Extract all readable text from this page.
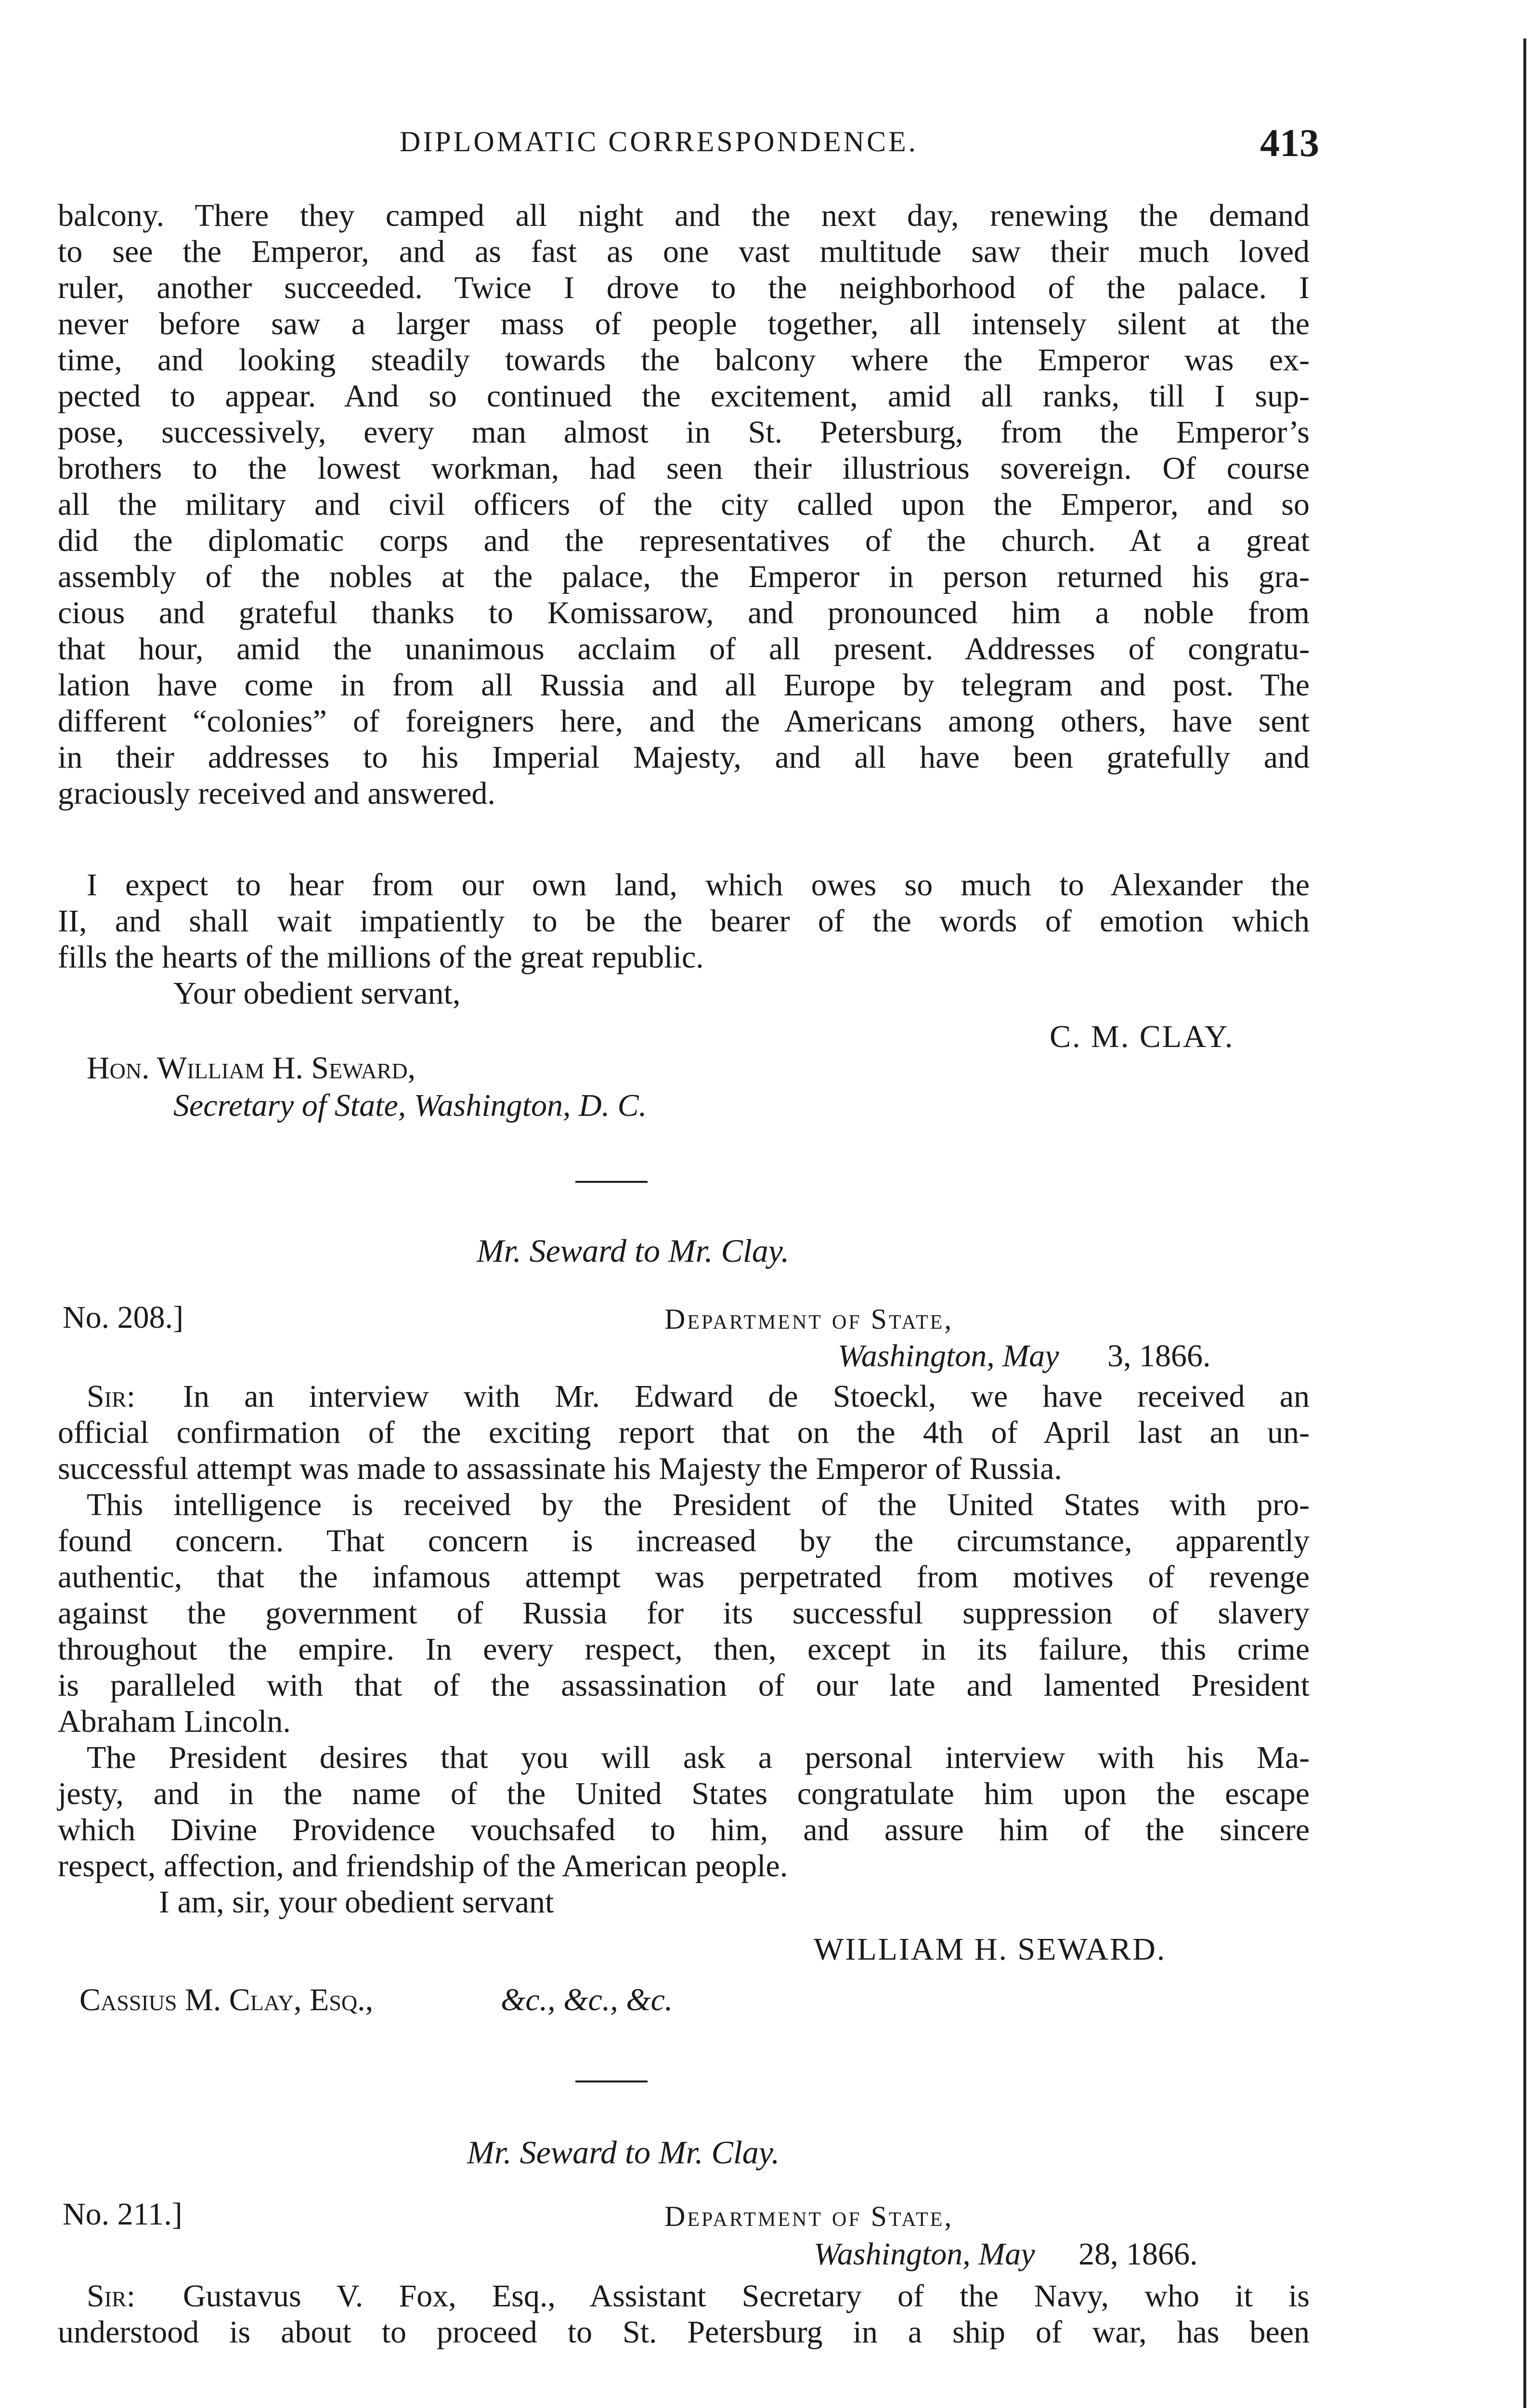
DIPLOMATIC CORRESPONDENCE.	413

balcony. There they camped all night and the next day, renewing the demand

to see the Emperor, and as fast as one vast multitude saw their much loved

ruler, another succeeded. Twice I drove to the neighborhood of the palace. I

never before saw a larger mass of people together, all intensely silent at the

time, and looking steadily towards the balcony where the Emperor was ex-

pected to appear. And so continued the excitement, amid all ranks, till I sup-

pose, successively, every man almost in St. Petersburg, from the Emperor’s

brothers to the lowest workman, had seen their illustrious sovereign. Of course

all the military and civil officers of the city called upon the Emperor, and so

did the diplomatic corps and the representatives of the church. At a great

assembly of the nobles at the palace, the Emperor in person returned his gra-

cious and grateful thanks to Komissarow, and pronounced him a noble from

that hour, amid the unanimous acclaim of all present. Addresses of congratu-

lation have come in from all Russia and all Europe by telegram and post. The

different “colonies” of foreigners here, and the Americans among others, have sent

in their addresses to his Imperial Majesty, and all have been gratefully and

graciously received and answered.

I expect to hear from our own land, which owes so much to Alexander the

II, and shall wait impatiently to be the bearer of the words of emotion which

fills the hearts of the millions of the great republic.

Your obedient servant,

C. M. CLAY.

Hon. William H. Seward,

Secretary of State, Washington, D. C.

Mr. Seward to Mr. Clay.

No. 208.]	Department of State,
Washington, May 3, 1866.
Sir: In an interview with Mr. Edward de Stoeckl, we have received an

official confirmation of the exciting report that on the 4th of April last an un-

successful attempt was made to assassinate his Majesty the Emperor of Russia.

This intelligence is received by the President of the United States with pro-

found concern. That concern is increased by the circumstance, apparently

authentic, that the infamous attempt was perpetrated from motives of revenge

against the government of Russia for its successful suppression of slavery

throughout the empire. In every respect, then, except in its failure, this crime

is paralleled with that of the assassination of our late and lamented President

Abraham Lincoln.

The President desires that you will ask a personal interview with his Ma-

jesty, and in the name of the United States congratulate him upon the escape

which Divine Providence vouchsafed to him, and assure him of the sincere

respect, affection, and friendship of the American people.

I am, sir, your obedient servant

WILLIAM H. SEWARD.

Cassius M. Clay, Esq.,	&c., &c., &c.

Mr. Seward to Mr. Clay.

No. 211.]	Department of State,
Washington, May 28, 1866.
Sir: Gustavus V. Fox, Esq., Assistant Secretary of the Navy, who it is

understood is about to proceed to St. Petersburg in a ship of war, has been
